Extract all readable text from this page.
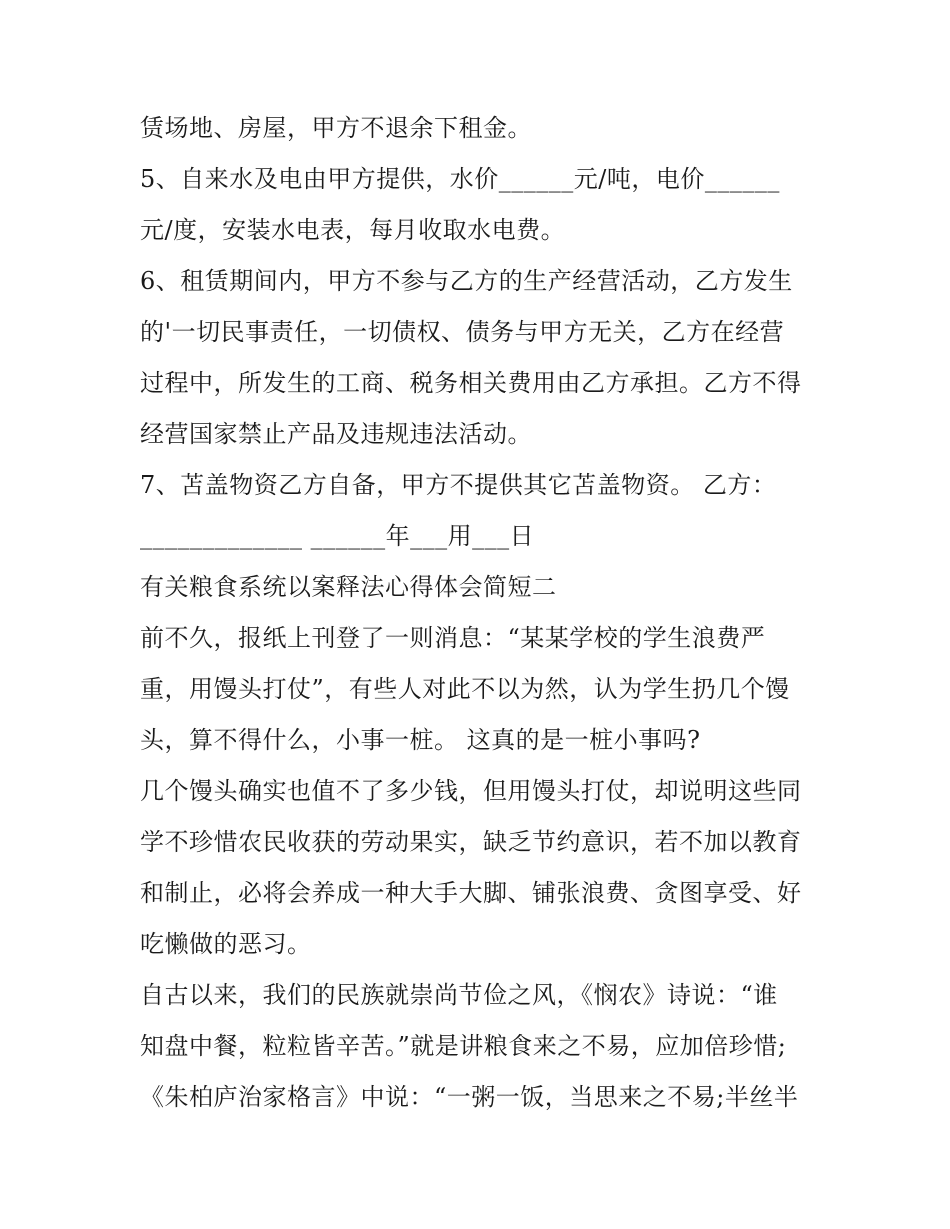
赁场地、房屋，甲方不退余下租金。
5、自来水及电由甲方提供，水价______元/吨，电价______
元/度，安装水电表，每月收取水电费。
6、租赁期间内，甲方不参与乙方的生产经营活动，乙方发生
的'一切民事责任，一切债权、债务与甲方无关，乙方在经营
过程中，所发生的工商、税务相关费用由乙方承担。乙方不得
经营国家禁止产品及违规违法活动。
7、苫盖物资乙方自备，甲方不提供其它苫盖物资。 乙方：
_____________ ______年___用___日
有关粮食系统以案释法心得体会简短二
前不久，报纸上刊登了一则消息：“某某学校的学生浪费严
重，用馒头打仗”，有些人对此不以为然，认为学生扔几个馒
头，算不得什么，小事一桩。 这真的是一桩小事吗?
几个馒头确实也值不了多少钱，但用馒头打仗，却说明这些同
学不珍惜农民收获的劳动果实，缺乏节约意识，若不加以教育
和制止，必将会养成一种大手大脚、铺张浪费、贪图享受、好
吃懒做的恶习。
自古以来，我们的民族就崇尚节俭之风，《悯农》诗说：“谁
知盘中餐，粒粒皆辛苦。”就是讲粮食来之不易，应加倍珍惜;
《朱柏庐治家格言》中说：“一粥一饭，当思来之不易;半丝半
